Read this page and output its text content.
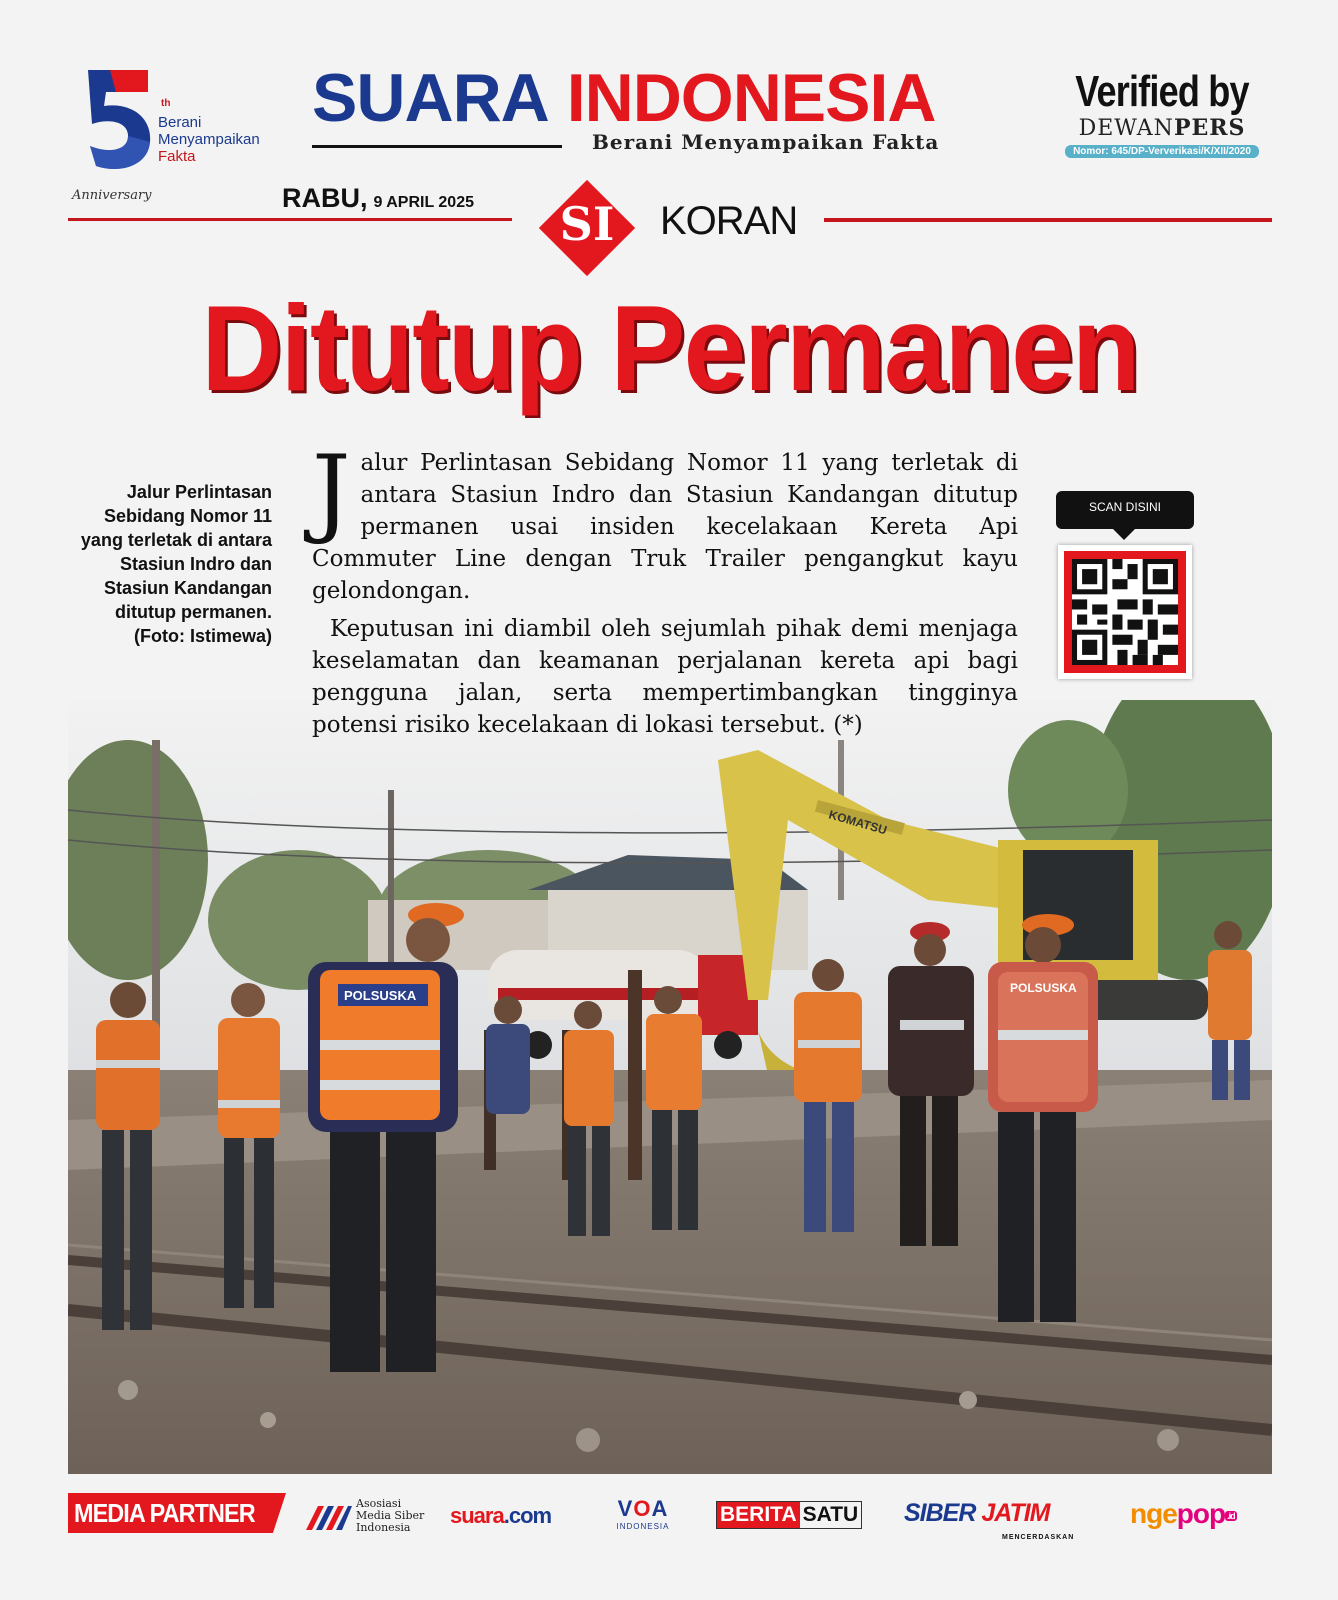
th
Berani
Menyampaikan
Fakta
Anniversary
SUARA INDONESIA
Berani Menyampaikan Fakta
Verified by
DEWANPERS
Nomor: 645/DP-Ververikasi/K/XII/2020
RABU, 9 APRIL 2025 SI KORAN
Ditutup Permanen
KOMATSU
POLSUSKA	POLSUSKA
Jalur Perlintasan Sebidang Nomor 11 yang terletak di antara Stasiun Indro dan Stasiun Kandangan ditutup permanen. (Foto: Istimewa)

Jalur Perlintasan Sebidang Nomor 11 yang terletak di antara Stasiun Indro dan Stasiun Kandangan ditutup permanen usai insiden kecelakaan Kereta Api Commuter Line dengan Truk Trailer pengangkut kayu gelondongan.

Keputusan ini diambil oleh sejumlah pihak demi menjaga keselamatan dan keamanan perjalanan kereta api bagi pengguna jalan, serta mempertimbangkan tingginya potensi risiko kecelakaan di lokasi tersebut. (*)

SCAN DISINI
MEDIA PARTNER	Asosiasi
Media Siber
Indonesia	suara.com	VOA
INDONESIA
BERITA SATU SIBER JATIM
MENCERDASKAN
ngepop .id
